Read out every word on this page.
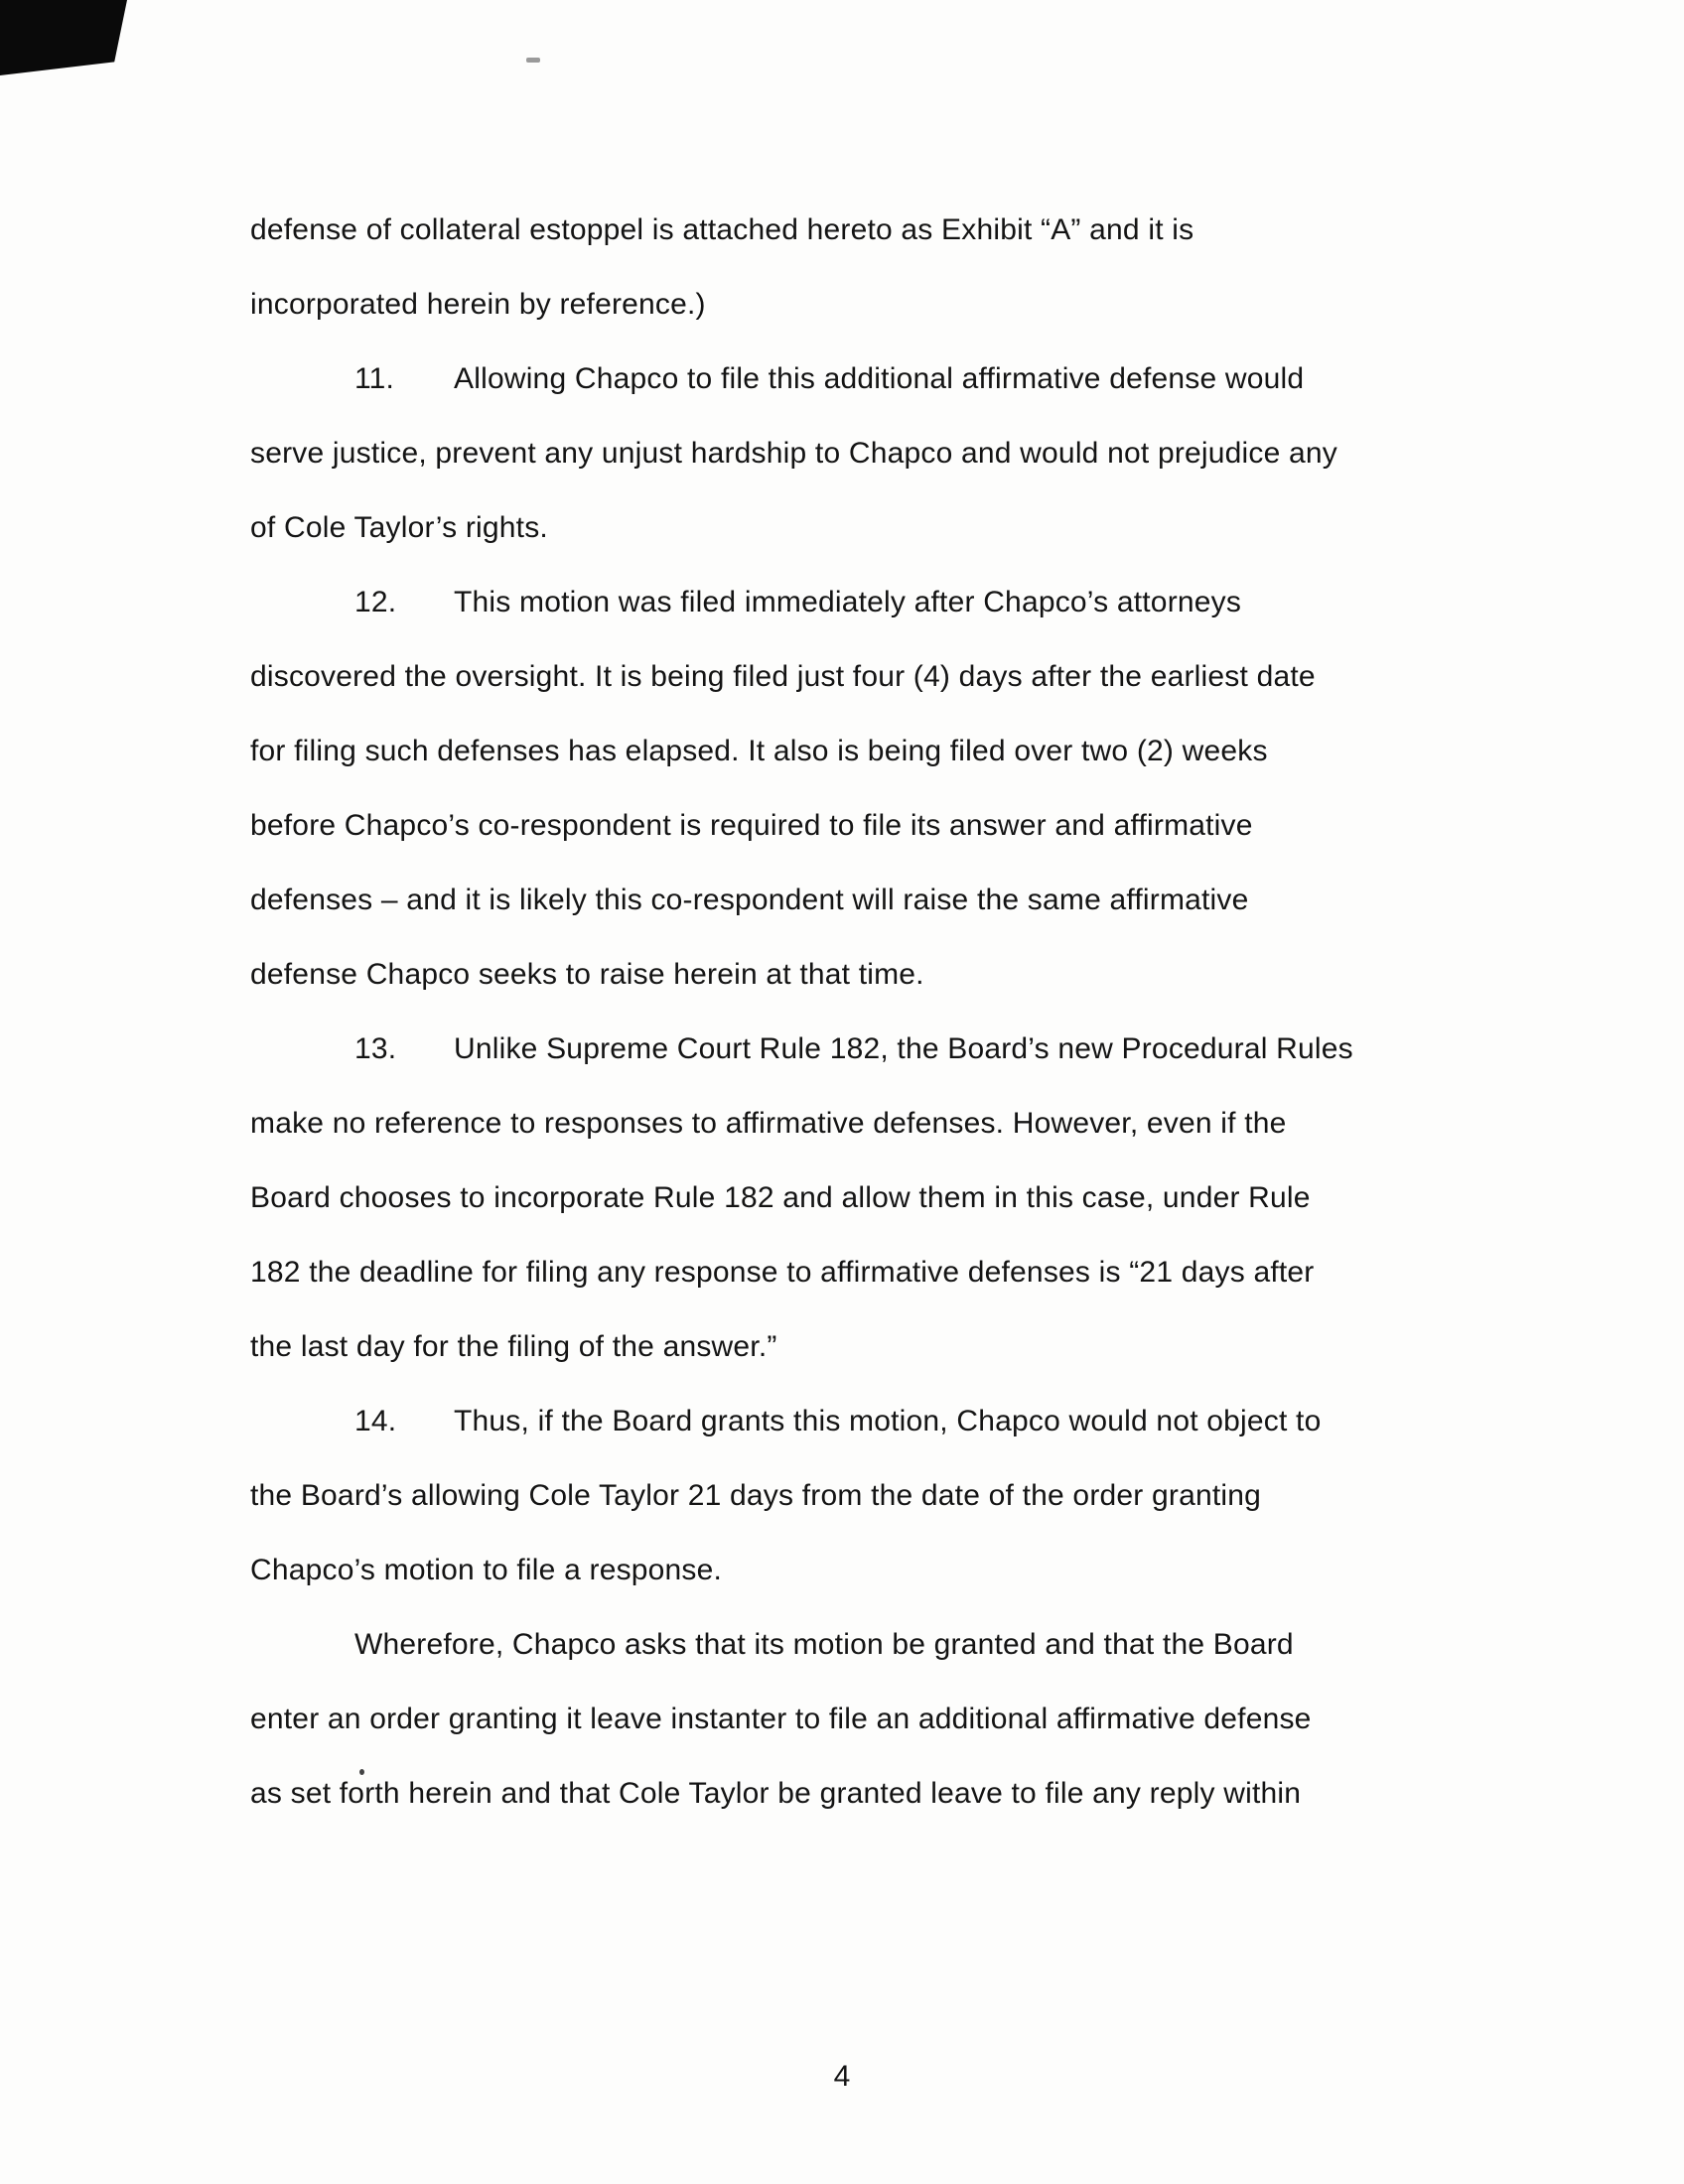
defense of collateral estoppel is attached hereto as Exhibit “A” and it is
incorporated herein by reference.)
11. Allowing Chapco to file this additional affirmative defense would
serve justice, prevent any unjust hardship to Chapco and would not prejudice any
of Cole Taylor’s rights.
12. This motion was filed immediately after Chapco’s attorneys
discovered the oversight. It is being filed just four (4) days after the earliest date
for filing such defenses has elapsed. It also is being filed over two (2) weeks
before Chapco’s co-respondent is required to file its answer and affirmative
defenses – and it is likely this co-respondent will raise the same affirmative
defense Chapco seeks to raise herein at that time.
13. Unlike Supreme Court Rule 182, the Board’s new Procedural Rules
make no reference to responses to affirmative defenses. However, even if the
Board chooses to incorporate Rule 182 and allow them in this case, under Rule
182 the deadline for filing any response to affirmative defenses is “21 days after
the last day for the filing of the answer.”
14. Thus, if the Board grants this motion, Chapco would not object to
the Board’s allowing Cole Taylor 21 days from the date of the order granting
Chapco’s motion to file a response.
Wherefore, Chapco asks that its motion be granted and that the Board
enter an order granting it leave instanter to file an additional affirmative defense
as set forth herein and that Cole Taylor be granted leave to file any reply within
4
